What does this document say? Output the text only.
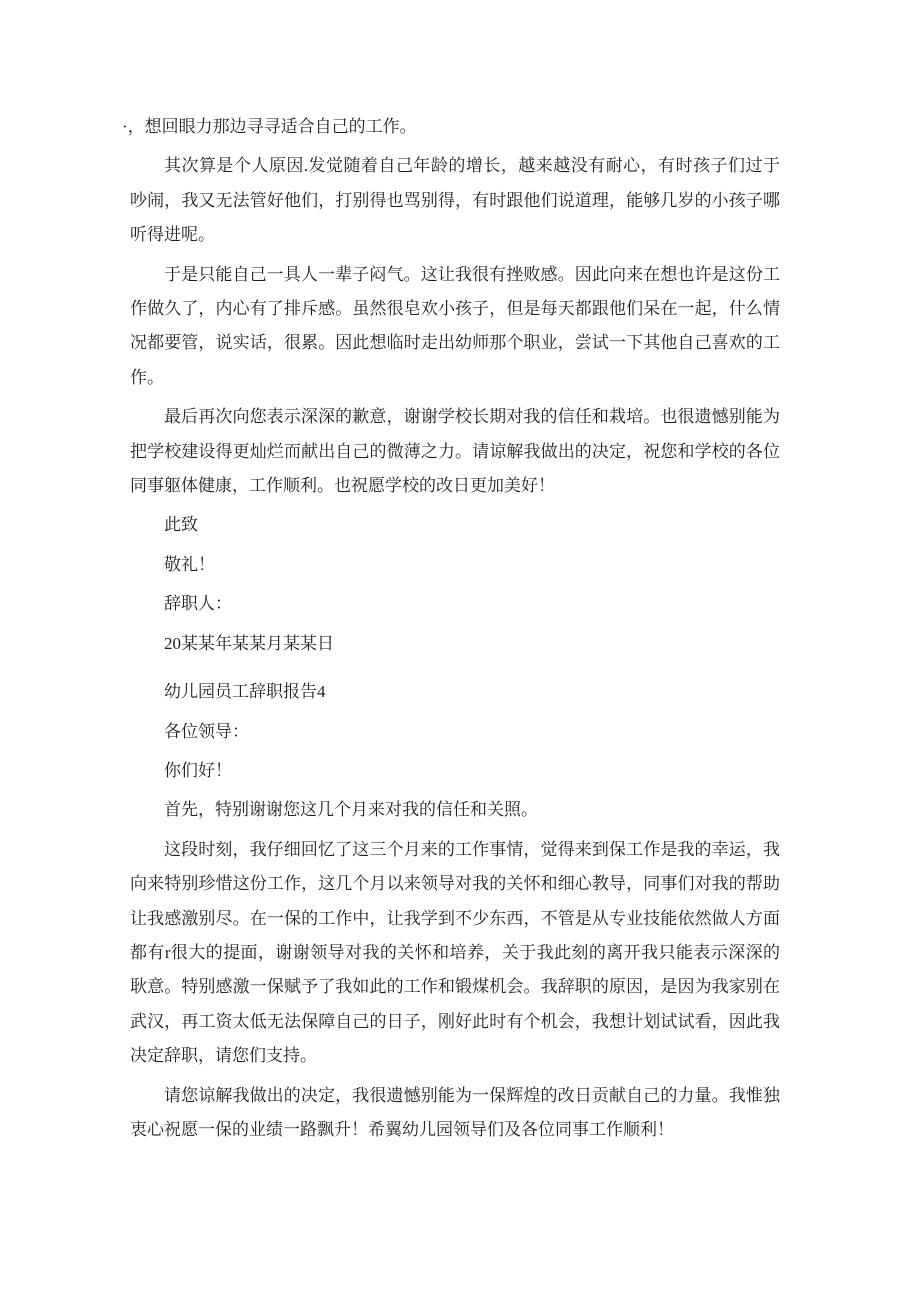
·，想回眼力那边寻寻适合自己的工作。

其次算是个人原因.发觉随着自己年龄的增长，越来越没有耐心，有时孩子们过于吵闹，我又无法管好他们，打别得也骂别得，有时跟他们说道理，能够几岁的小孩子哪听得进呢。

于是只能自己一具人一辈子闷气。这让我很有挫败感。因此向来在想也许是这份工作做久了，内心有了排斥感。虽然很皂欢小孩子，但是每天都跟他们呆在一起，什么情况都要管，说实话，很累。因此想临时走出幼师那个职业，尝试一下其他自己喜欢的工作。

最后再次向您表示深深的歉意，谢谢学校长期对我的信任和栽培。也很遗憾别能为把学校建设得更灿烂而献出自己的微薄之力。请谅解我做出的决定，祝您和学校的各位同事躯体健康，工作顺利。也祝愿学校的改日更加美好！

此致

敬礼！

辞职人：

20某某年某某月某某日

幼儿园员工辞职报告4

各位领导：

你们好！

首先，特别谢谢您这几个月来对我的信任和关照。

这段时刻，我仔细回忆了这三个月来的工作事情，觉得来到保工作是我的幸运，我向来特别珍惜这份工作，这几个月以来领导对我的关怀和细心教导，同事们对我的帮助让我感激别尽。在一保的工作中，让我学到不少东西，不管是从专业技能依然做人方面都有r很大的提面，谢谢领导对我的关怀和培养，关于我此刻的离开我只能表示深深的耿意。特别感激一保赋予了我如此的工作和锻煤机会。我辞职的原因，是因为我家别在武汉，再工资太低无法保障自己的日子，刚好此时有个机会，我想计划试试看，因此我决定辞职，请您们支持。

请您谅解我做出的决定，我很遗憾别能为一保辉煌的改日贡献自己的力量。我惟独衷心祝愿一保的业绩一路飘升！希翼幼儿园领导们及各位同事工作顺利！
